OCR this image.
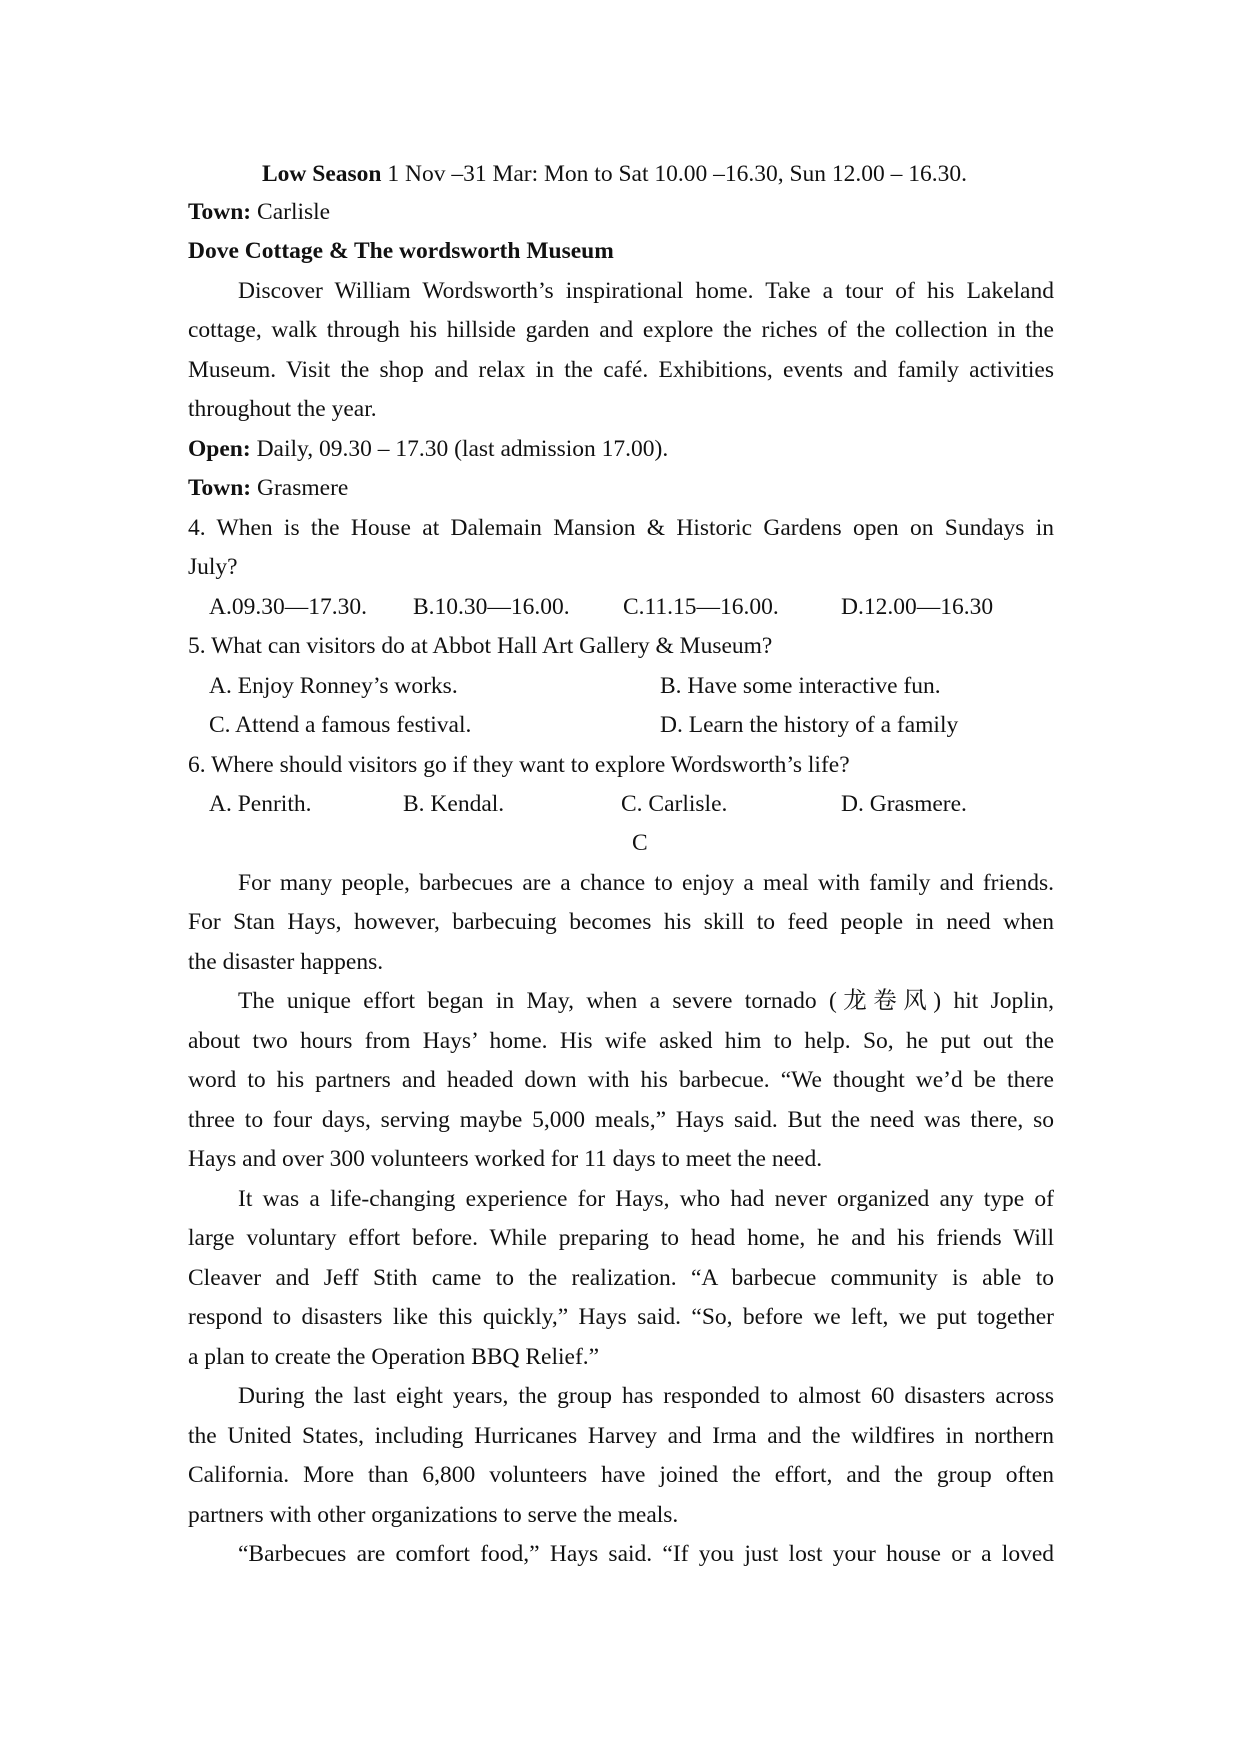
Low Season 1 Nov –31 Mar: Mon to Sat 10.00 –16.30, Sun 12.00 – 16.30.
Town: Carlisle
Dove Cottage & The wordsworth Museum
Discover William Wordsworth’s inspirational home. Take a tour of his Lakeland
cottage, walk through his hillside garden and explore the riches of the collection in the
Museum. Visit the shop and relax in the café. Exhibitions, events and family activities
throughout the year.
Open: Daily, 09.30 – 17.30 (last admission 17.00).
Town: Grasmere
4. When is the House at Dalemain Mansion & Historic Gardens open on Sundays in
July?
A.09.30—17.30. B.10.30—16.00. C.11.15—16.00.	D.12.00—16.30
5. What can visitors do at Abbot Hall Art Gallery & Museum?
A. Enjoy Ronney’s works.	B. Have some interactive fun.
C. Attend a famous festival.	D. Learn the history of a family
6. Where should visitors go if they want to explore Wordsworth’s life?
A. Penrith.	B. Kendal.	C. Carlisle.	D. Grasmere.
C
For many people, barbecues are a chance to enjoy a meal with family and friends.
For Stan Hays, however, barbecuing becomes his skill to feed people in need when
the disaster happens.
The unique effort began in May, when a severe tornado (龙卷风) hit Joplin,
about two hours from Hays’ home. His wife asked him to help. So, he put out the
word to his partners and headed down with his barbecue. “We thought we’d be there
three to four days, serving maybe 5,000 meals,” Hays said. But the need was there, so
Hays and over 300 volunteers worked for 11 days to meet the need.
It was a life-changing experience for Hays, who had never organized any type of
large voluntary effort before. While preparing to head home, he and his friends Will
Cleaver and Jeff Stith came to the realization. “A barbecue community is able to
respond to disasters like this quickly,” Hays said. “So, before we left, we put together
a plan to create the Operation BBQ Relief.”
During the last eight years, the group has responded to almost 60 disasters across
the United States, including Hurricanes Harvey and Irma and the wildfires in northern
California. More than 6,800 volunteers have joined the effort, and the group often
partners with other organizations to serve the meals.
“Barbecues are comfort food,” Hays said. “If you just lost your house or a loved
